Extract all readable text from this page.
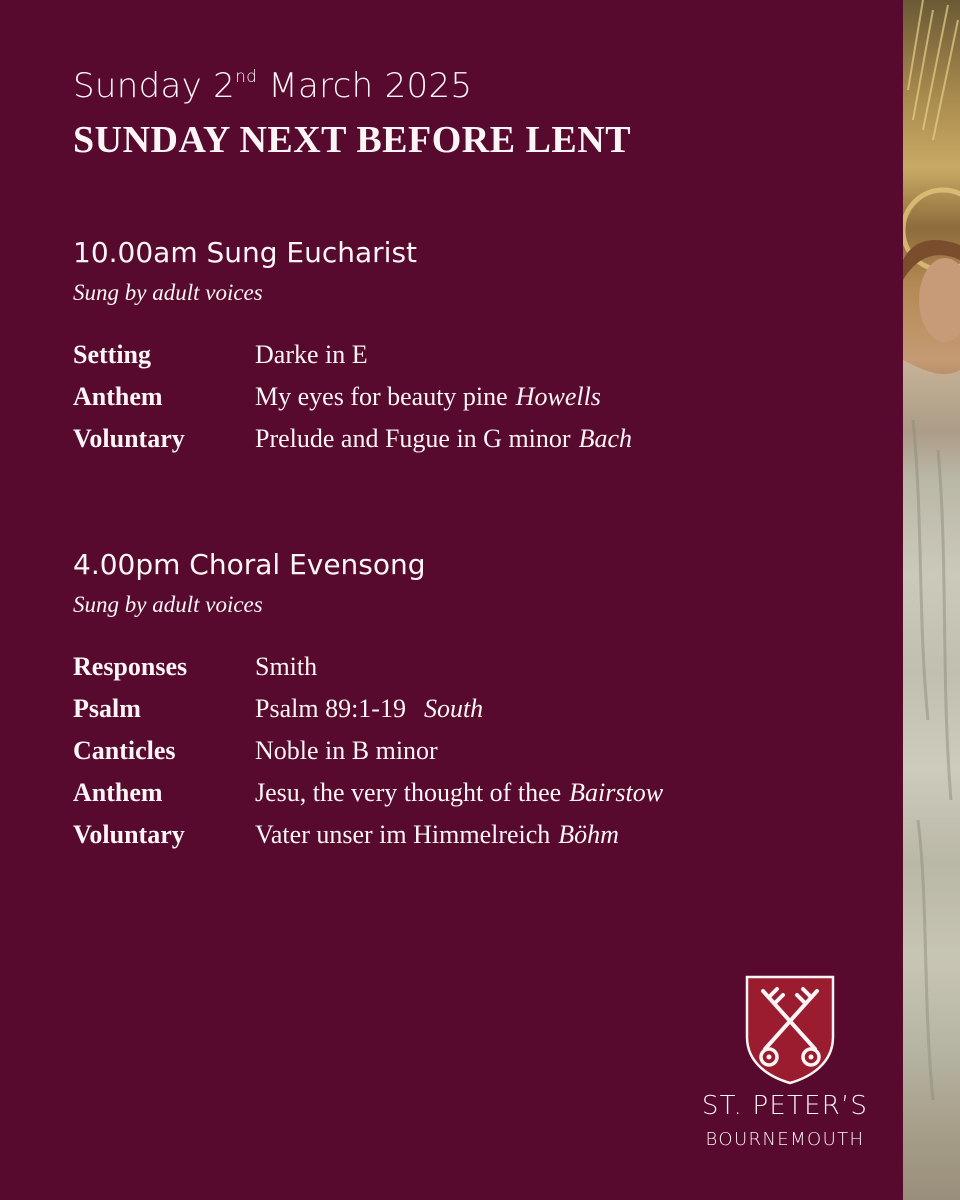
Sunday 2nd March 2025
SUNDAY NEXT BEFORE LENT
10.00am Sung Eucharist

Sung by adult voices

Setting	Darke in E
Anthem	My eyes for beauty pine Howells
Voluntary	Prelude and Fugue in G minor Bach
4.00pm Choral Evensong

Sung by adult voices

Responses	Smith
Psalm	Psalm 89:1-19 South
Canticles	Noble in B minor
Anthem	Jesu, the very thought of thee Bairstow
Voluntary	Vater unser im Himmelreich Böhm
ST. PETER’S
BOURNEMOUTH
